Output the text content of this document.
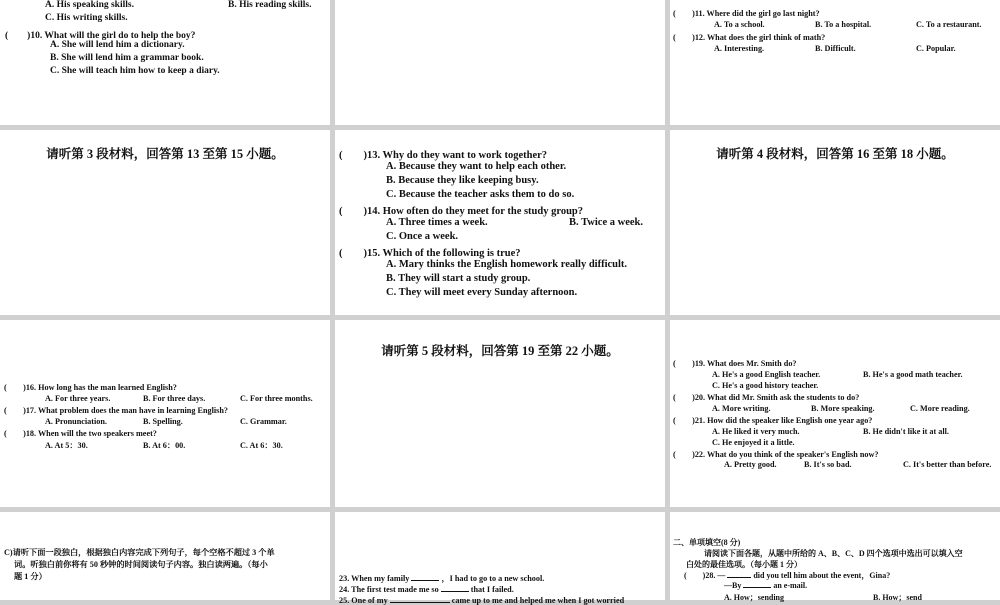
A. His speaking skills.	B. His reading skills.
C. His writing skills.
(　　)10. What will the girl do to help the boy?
A. She will lend him a dictionary.
B. She will lend him a grammar book.
C. She will teach him how to keep a diary.
(　　)11. Where did the girl go last night?
A. To a school.	B. To a hospital.	C. To a restaurant.
(　　)12. What does the girl think of math?
A. Interesting.	B. Difficult.	C. Popular.
请听第 3 段材料，回答第 13 至第 15 小题。	(　　)13. Why do they want to work together?
A. Because they want to help each other.
B. Because they like keeping busy.
C. Because the teacher asks them to do so.
(　　)14. How often do they meet for the study group?
A. Three times a week.	B. Twice a week.
C. Once a week.
(　　)15. Which of the following is true?
A. Mary thinks the English homework really difficult.
B. They will start a study group.
C. They will meet every Sunday afternoon.
请听第 4 段材料，回答第 16 至第 18 小题。
(　　)16. How long has the man learned English?
A. For three years.	B. For three days.	C. For three months.
(　　)17. What problem does the man have in learning English?
A. Pronunciation.	B. Spelling.	C. Grammar.
(　　)18. When will the two speakers meet?
A. At 5：30.	B. At 6：00.	C. At 6：30.
请听第 5 段材料，回答第 19 至第 22 小题。
(　　)19. What does Mr. Smith do?
A. He's a good English teacher.	B. He's a good math teacher.
C. He's a good history teacher.
(　　)20. What did Mr. Smith ask the students to do?
A. More writing.	B. More speaking.	C. More reading.
(　　)21. How did the speaker like English one year ago?
A. He liked it very much.	B. He didn't like it at all.
C. He enjoyed it a little.
(　　)22. What do you think of the speaker's English now?
A. Pretty good.	B. It's so bad.	C. It's better than before.
C)请听下面一段独白，根据独白内容完成下列句子，每个空格不超过 3 个单
词。听独白前你将有 50 秒钟的时间阅读句子内容。独白读两遍。（每小
题 1 分）	23. When my family	，I had to go to a new school.
24. The first test made me so	that I failed.
25. One of my	came up to me and helped me when I got worried
二、单项填空(8 分)
请阅读下面各题，从题中所给的 A、B、C、D 四个选项中选出可以填入空
白处的最佳选项。（每小题 1 分）
(　　)28. —	did you tell him about the event，Gina?
—By	an e-mail.
A. How；sending	B. How；send
